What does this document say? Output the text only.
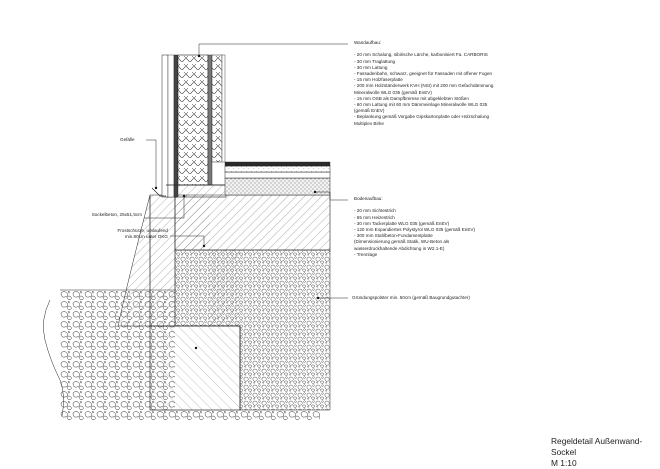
Wandaufbau:

- 20 mm Schalung, sibirische Lärche, karbonisiert Fa. CARBORIS
- 30 mm Traglattung
- 30 mm Lattung
- Fassadenbahn, schwarz, geeignet für Fassaden mit offener Fugen
- 15 mm Holzfaserplatte
- 200 mm Holzständerwerk KVH (NSI) mit 200 mm Gefachdämmung
Mineralwolle WLG 035 (gemäß EnEV)
- 15 mm OSB als Dampfbremse mit abgeklebten Stößen
- 60 mm Lattung mit 60 mm Dämmeinlage Mineralwolle WLG 035
(gemäß EnEV)
- Beplankung gemäß Vorgabe Gipskartonplatte oder Holzschalung
Multiplex Birke
Bodenaufbau:

- 20 mm Sichtestrich
- 65 mm Heizestrich
- 30 mm Tackerplatte WLG 035 (gemäß EnEV)
- 120 mm Expandiertes Polystyrol WLG 035 (gemäß EnEV)
- 300 mm Stahlbeton-Fundamentplatte
(Dimensionierung gemäß Statik, WU-Beton als
wasserdruckhaltende Abdichtung in W2.1-E)
- Trennlage
Gefälle
Sockelbeton, 25x51,5cm
Frostschürze, umlaufend
min.80cm unter OKG
Gründungspolster min. 50cm (gemäß Baugrundgutachter)
Regeldetail Außenwand-Sockel
M 1:10
